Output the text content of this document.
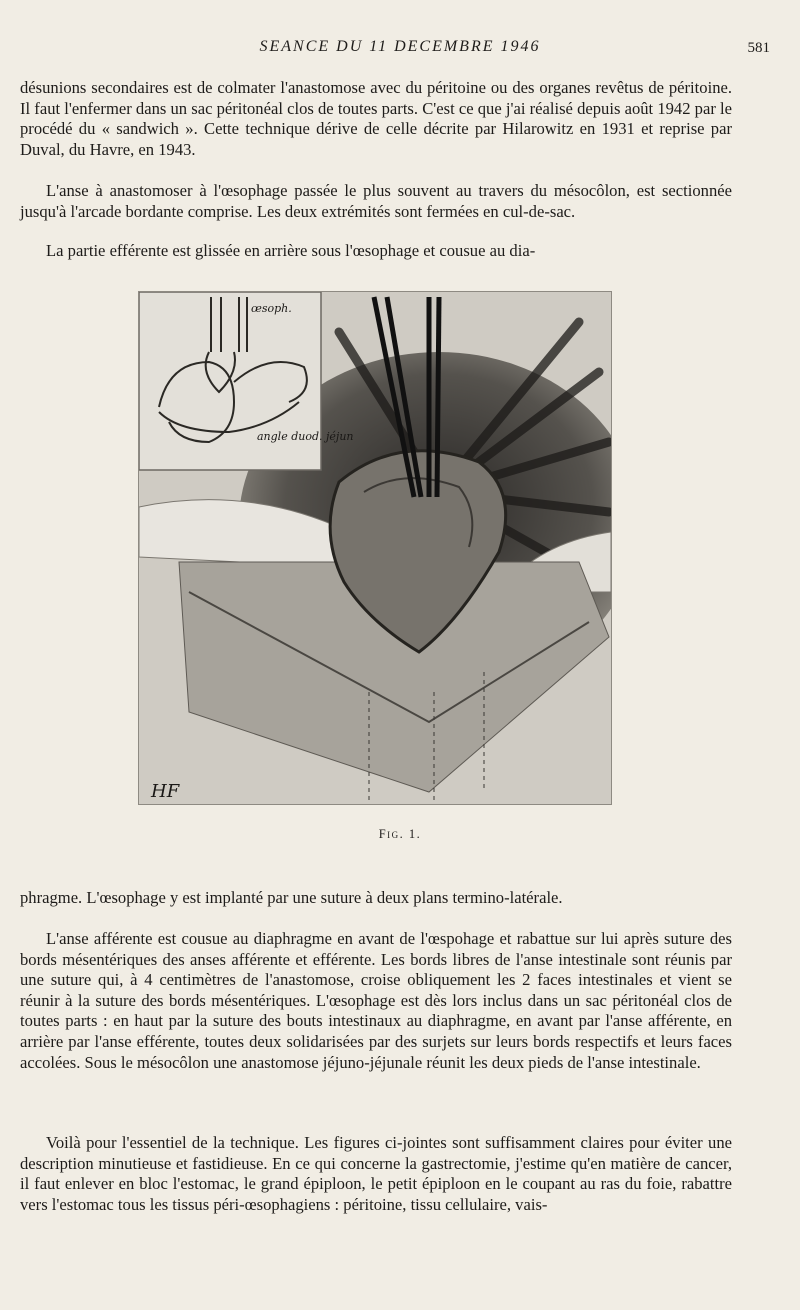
SEANCE DU 11 DECEMBRE 1946	581

désunions secondaires est de colmater l'anastomose avec du péritoine ou des organes revêtus de péritoine. Il faut l'enfermer dans un sac péritonéal clos de toutes parts. C'est ce que j'ai réalisé depuis août 1942 par le procédé du « sandwich ». Cette technique dérive de celle décrite par Hilarowitz en 1931 et reprise par Duval, du Havre, en 1943.

L'anse à anastomoser à l'œsophage passée le plus souvent au travers du mésocôlon, est sectionnée jusqu'à l'arcade bordante comprise. Les deux extrémités sont fermées en cul-de-sac.

La partie efférente est glissée en arrière sous l'œsophage et cousue au dia-

œsoph.
angle duod. jéjun
HF
Fig. 1.

phragme. L'œsophage y est implanté par une suture à deux plans termino-latérale.

L'anse afférente est cousue au diaphragme en avant de l'œspohage et rabattue sur lui après suture des bords mésentériques des anses afférente et efférente. Les bords libres de l'anse intestinale sont réunis par une suture qui, à 4 centimètres de l'anastomose, croise obliquement les 2 faces intestinales et vient se réunir à la suture des bords mésentériques. L'œsophage est dès lors inclus dans un sac péritonéal clos de toutes parts : en haut par la suture des bouts intestinaux au diaphragme, en avant par l'anse afférente, en arrière par l'anse efférente, toutes deux solidarisées par des surjets sur leurs bords respectifs et leurs faces accolées. Sous le mésocôlon une anastomose jéjuno-jéjunale réunit les deux pieds de l'anse intestinale.

Voilà pour l'essentiel de la technique. Les figures ci-jointes sont suffisamment claires pour éviter une description minutieuse et fastidieuse. En ce qui concerne la gastrectomie, j'estime qu'en matière de cancer, il faut enlever en bloc l'estomac, le grand épiploon, le petit épiploon en le coupant au ras du foie, rabattre vers l'estomac tous les tissus péri-œsophagiens : péritoine, tissu cellulaire, vais-
